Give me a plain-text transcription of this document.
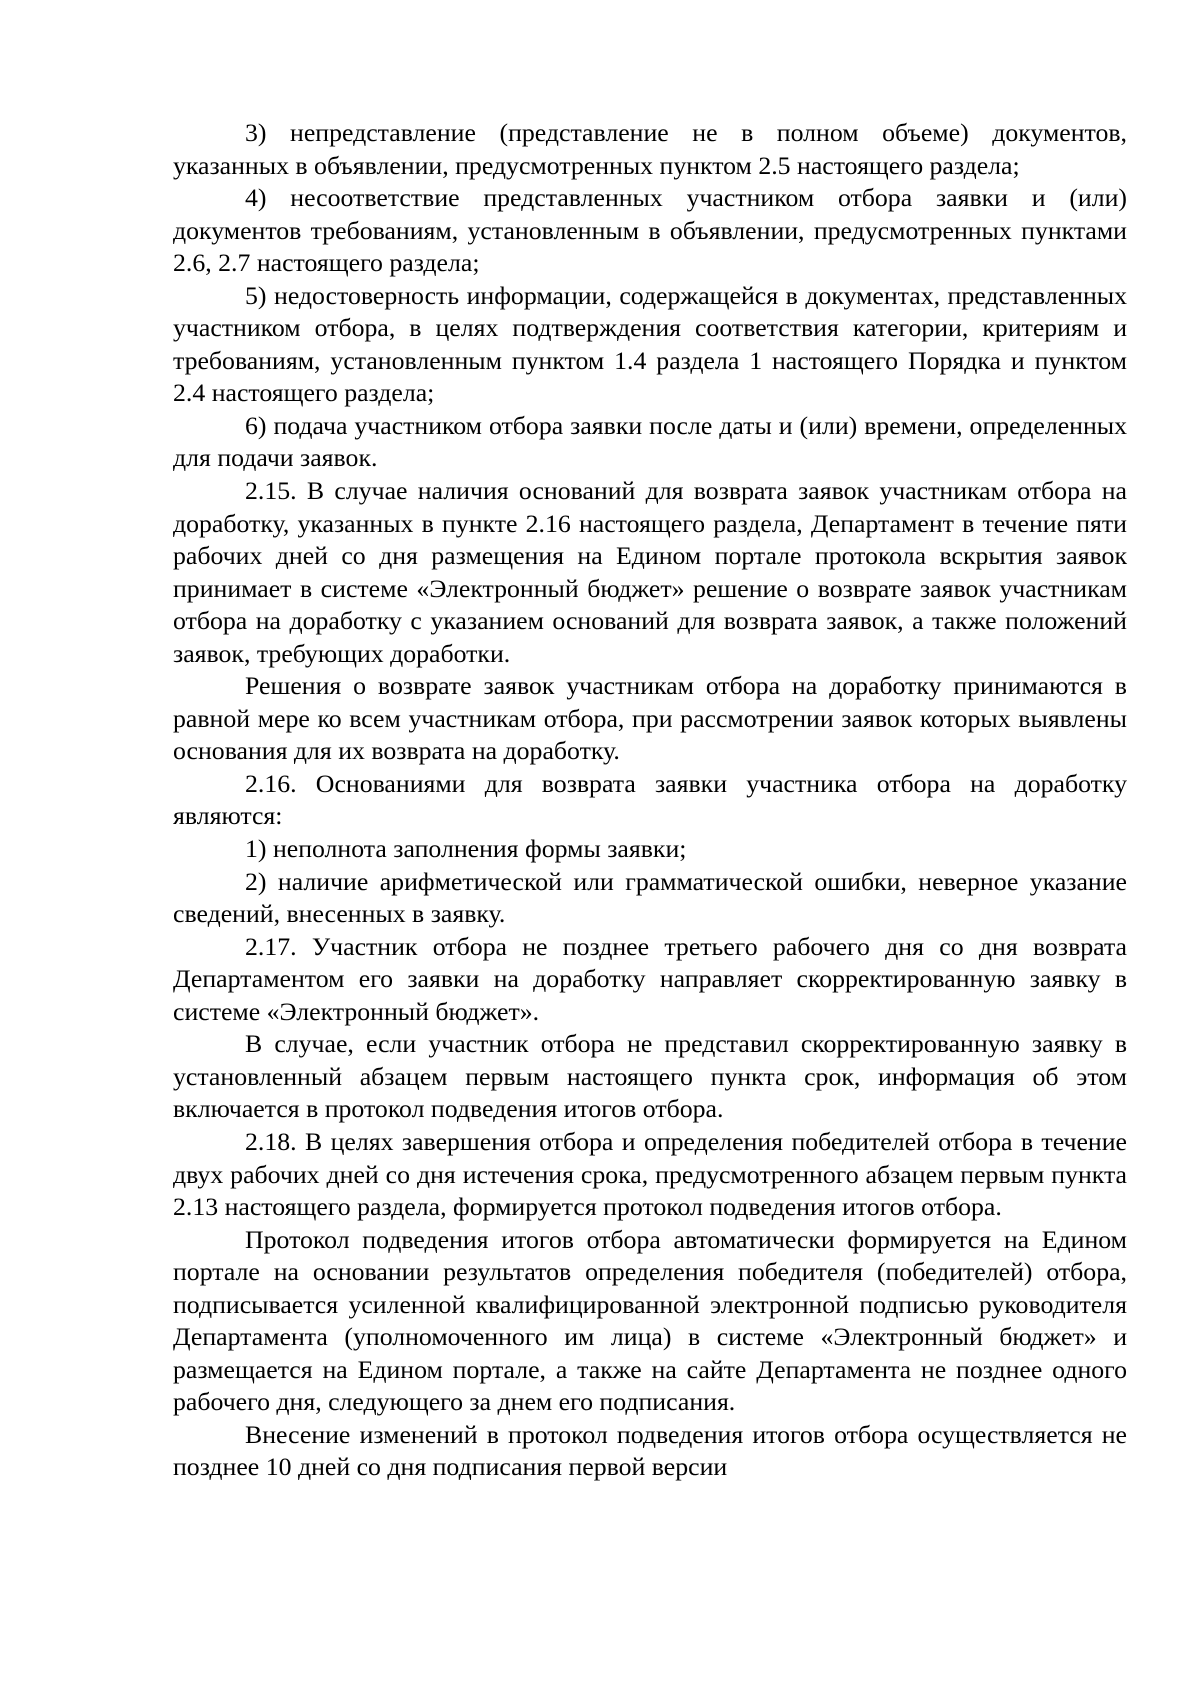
3) непредставление (представление не в полном объеме) документов, указанных в объявлении, предусмотренных пунктом 2.5 настоящего раздела;

4) несоответствие представленных участником отбора заявки и (или) документов требованиям, установленным в объявлении, предусмотренных пунктами 2.6, 2.7 настоящего раздела;

5) недостоверность информации, содержащейся в документах, представленных участником отбора, в целях подтверждения соответствия категории, критериям и требованиям, установленным пунктом 1.4 раздела 1 настоящего Порядка и пунктом 2.4 настоящего раздела;

6) подача участником отбора заявки после даты и (или) времени, определенных для подачи заявок.

2.15. В случае наличия оснований для возврата заявок участникам отбора на доработку, указанных в пункте 2.16 настоящего раздела, Департамент в течение пяти рабочих дней со дня размещения на Едином портале протокола вскрытия заявок принимает в системе «Электронный бюджет» решение о возврате заявок участникам отбора на доработку с указанием оснований для возврата заявок, а также положений заявок, требующих доработки.

Решения о возврате заявок участникам отбора на доработку принимаются в равной мере ко всем участникам отбора, при рассмотрении заявок которых выявлены основания для их возврата на доработку.

2.16. Основаниями для возврата заявки участника отбора на доработку являются:

1) неполнота заполнения формы заявки;

2) наличие арифметической или грамматической ошибки, неверное указание сведений, внесенных в заявку.

2.17. Участник отбора не позднее третьего рабочего дня со дня возврата Департаментом его заявки на доработку направляет скорректированную заявку в системе «Электронный бюджет».

В случае, если участник отбора не представил скорректированную заявку в установленный абзацем первым настоящего пункта срок, информация об этом включается в протокол подведения итогов отбора.

2.18. В целях завершения отбора и определения победителей отбора в течение двух рабочих дней со дня истечения срока, предусмотренного абзацем первым пункта 2.13 настоящего раздела, формируется протокол подведения итогов отбора.

Протокол подведения итогов отбора автоматически формируется на Едином портале на основании результатов определения победителя (победителей) отбора, подписывается усиленной квалифицированной электронной подписью руководителя Департамента (уполномоченного им лица) в системе «Электронный бюджет» и размещается на Едином портале, а также на сайте Департамента не позднее одного рабочего дня, следующего за днем его подписания.

Внесение изменений в протокол подведения итогов отбора осуществляется не позднее 10 дней со дня подписания первой версии
